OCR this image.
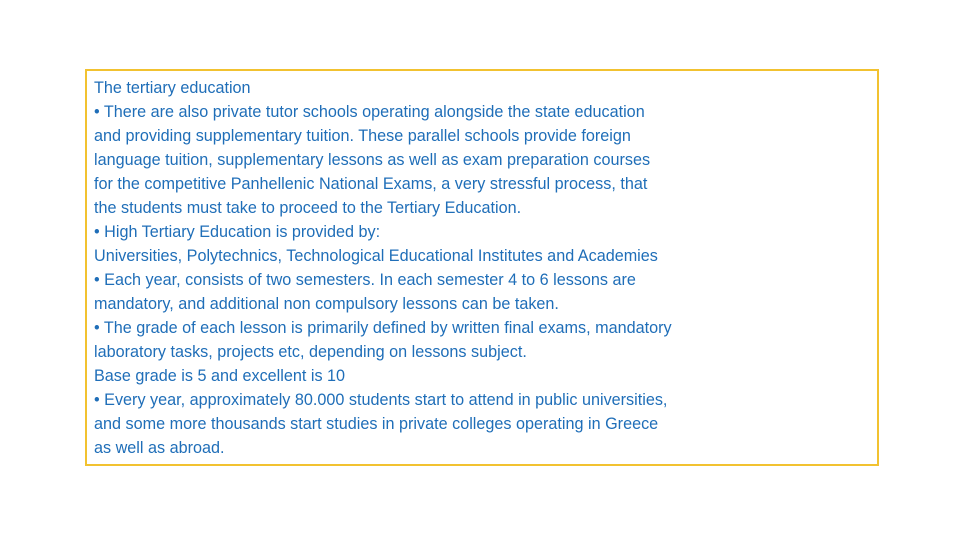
The tertiary education
• There are also private tutor schools operating alongside the state education
and providing supplementary tuition. These parallel schools provide foreign
language tuition, supplementary lessons as well as exam preparation courses
for the competitive Panhellenic National Exams, a very stressful process, that
the students must take to proceed to the Tertiary Education.
• High Tertiary Education is provided by:
Universities, Polytechnics, Technological Educational Institutes and Academies
• Each year, consists of two semesters. In each semester 4 to 6 lessons are
mandatory, and additional non compulsory lessons can be taken.
• The grade of each lesson is primarily defined by written final exams, mandatory
laboratory tasks, projects etc, depending on lessons subject.
Base grade is 5 and excellent is 10
• Every year, approximately 80.000 students start to attend in public universities,
and some more thousands start studies in private colleges operating in Greece
as well as abroad.
